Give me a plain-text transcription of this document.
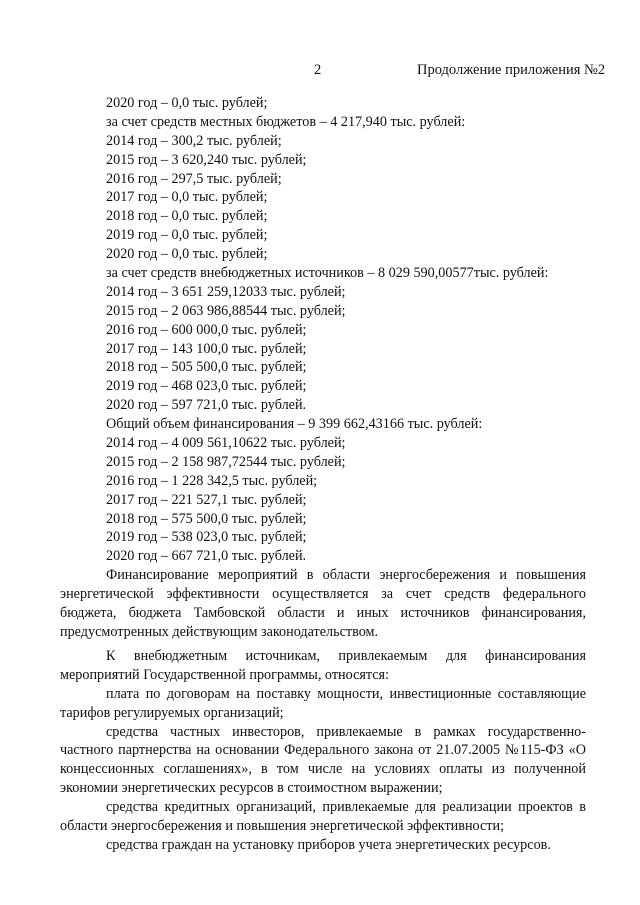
2	Продолжение приложения №2
2020 год – 0,0 тыс. рублей;
за счет средств местных бюджетов – 4 217,940 тыс. рублей:
2014 год – 300,2 тыс. рублей;
2015 год – 3 620,240 тыс. рублей;
2016 год – 297,5 тыс. рублей;
2017 год – 0,0 тыс. рублей;
2018 год – 0,0 тыс. рублей;
2019 год – 0,0 тыс. рублей;
2020 год – 0,0 тыс. рублей;
за счет средств внебюджетных источников – 8 029 590,00577тыс. рублей:
2014 год – 3 651 259,12033 тыс. рублей;
2015 год – 2 063 986,88544 тыс. рублей;
2016 год – 600 000,0 тыс. рублей;
2017 год – 143 100,0 тыс. рублей;
2018 год – 505 500,0 тыс. рублей;
2019 год – 468 023,0 тыс. рублей;
2020 год – 597 721,0 тыс. рублей.
Общий объем финансирования – 9 399 662,43166 тыс. рублей:
2014 год – 4 009 561,10622 тыс. рублей;
2015 год – 2 158 987,72544 тыс. рублей;
2016 год – 1 228 342,5 тыс. рублей;
2017 год – 221 527,1 тыс. рублей;
2018 год – 575 500,0 тыс. рублей;
2019 год – 538 023,0 тыс. рублей;
2020 год – 667 721,0 тыс. рублей.

Финансирование мероприятий в области энергосбережения и повышения энергетической эффективности осуществляется за счет средств федерального бюджета, бюджета Тамбовской области и иных источников финансирования, предусмотренных действующим законодательством.

К внебюджетным источникам, привлекаемым для финансирования мероприятий Государственной программы, относятся:

плата по договорам на поставку мощности, инвестиционные составляющие тарифов регулируемых организаций;

средства частных инвесторов, привлекаемые в рамках государственно-частного партнерства на основании Федерального закона от 21.07.2005 №115-ФЗ «О концессионных соглашениях», в том числе на условиях оплаты из полученной экономии энергетических ресурсов в стоимостном выражении;

средства кредитных организаций, привлекаемые для реализации проектов в области энергосбережения и повышения энергетической эффективности;

средства граждан на установку приборов учета энергетических ресурсов.
